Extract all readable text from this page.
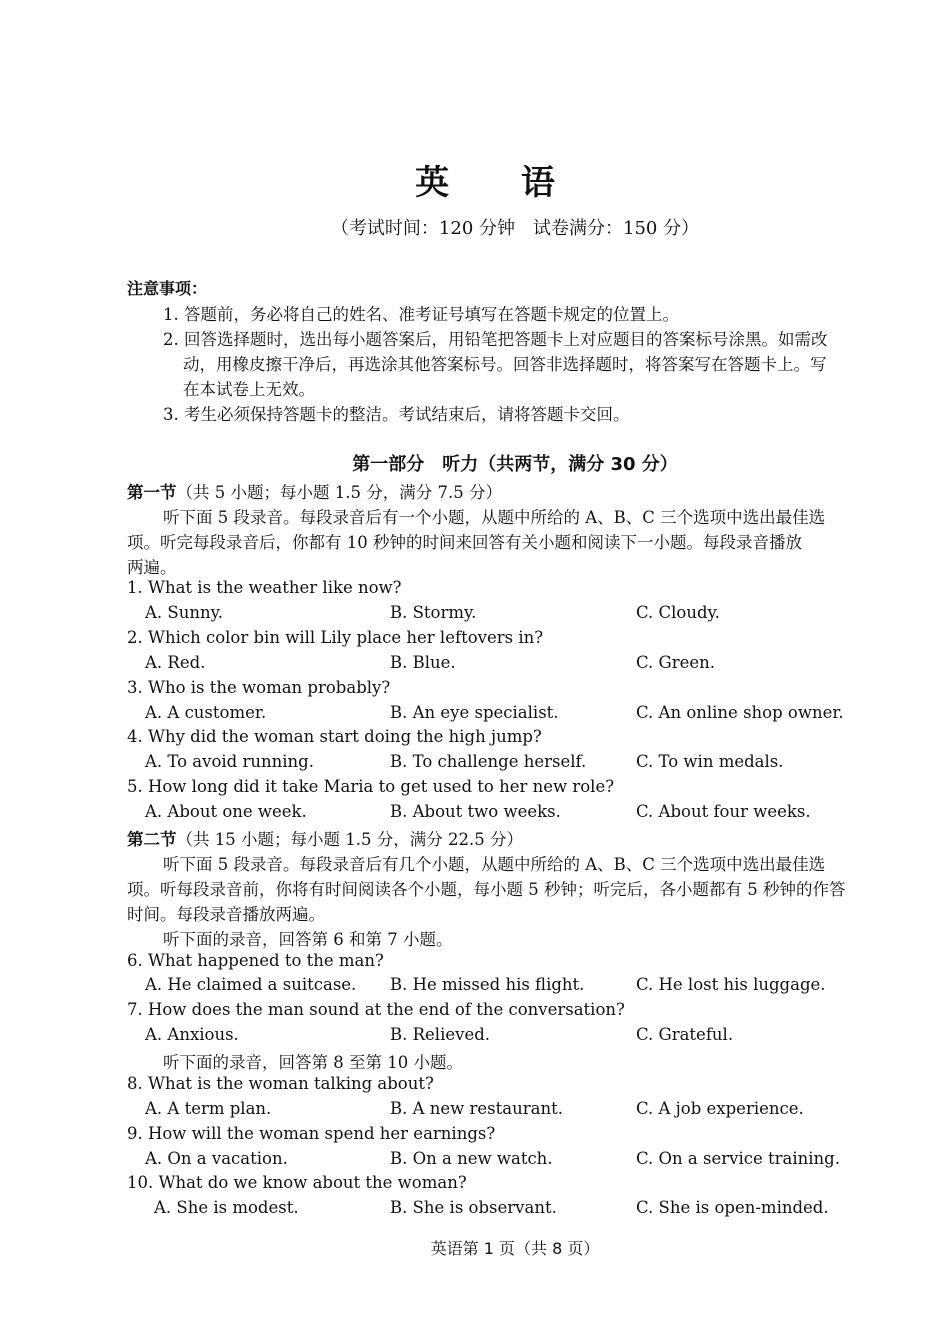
英 语
（考试时间：120 分钟　试卷满分：150 分）
注意事项：
1. 答题前，务必将自己的姓名、准考证号填写在答题卡规定的位置上。
2. 回答选择题时，选出每小题答案后，用铅笔把答题卡上对应题目的答案标号涂黑。如需改
动，用橡皮擦干净后，再选涂其他答案标号。回答非选择题时，将答案写在答题卡上。写
在本试卷上无效。
3. 考生必须保持答题卡的整洁。考试结束后，请将答题卡交回。
第一部分　听力（共两节，满分 30 分）
第一节（共 5 小题；每小题 1.5 分，满分 7.5 分）
听下面 5 段录音。每段录音后有一个小题，从题中所给的 A、B、C 三个选项中选出最佳选
项。听完每段录音后，你都有 10 秒钟的时间来回答有关小题和阅读下一小题。每段录音播放
两遍。
1. What is the weather like now?
A. Sunny.	B. Stormy.	C. Cloudy.
2. Which color bin will Lily place her leftovers in?
A. Red.	B. Blue.	C. Green.
3. Who is the woman probably?
A. A customer.	B. An eye specialist.	C. An online shop owner.
4. Why did the woman start doing the high jump?
A. To avoid running.	B. To challenge herself.	C. To win medals.
5. How long did it take Maria to get used to her new role?
A. About one week.	B. About two weeks.	C. About four weeks.
第二节（共 15 小题；每小题 1.5 分，满分 22.5 分）
听下面 5 段录音。每段录音后有几个小题，从题中所给的 A、B、C 三个选项中选出最佳选
项。听每段录音前，你将有时间阅读各个小题，每小题 5 秒钟；听完后，各小题都有 5 秒钟的作答
时间。每段录音播放两遍。
听下面的录音，回答第 6 和第 7 小题。
6. What happened to the man?
A. He claimed a suitcase. B. He missed his flight.	C. He lost his luggage.
7. How does the man sound at the end of the conversation?
A. Anxious.	B. Relieved.	C. Grateful.
听下面的录音，回答第 8 至第 10 小题。
8. What is the woman talking about?
A. A term plan.	B. A new restaurant.	C. A job experience.
9. How will the woman spend her earnings?
A. On a vacation.	B. On a new watch.	C. On a service training.
10. What do we know about the woman?
A. She is modest.	B. She is observant.	C. She is open-minded.
英语第 1 页（共 8 页）
